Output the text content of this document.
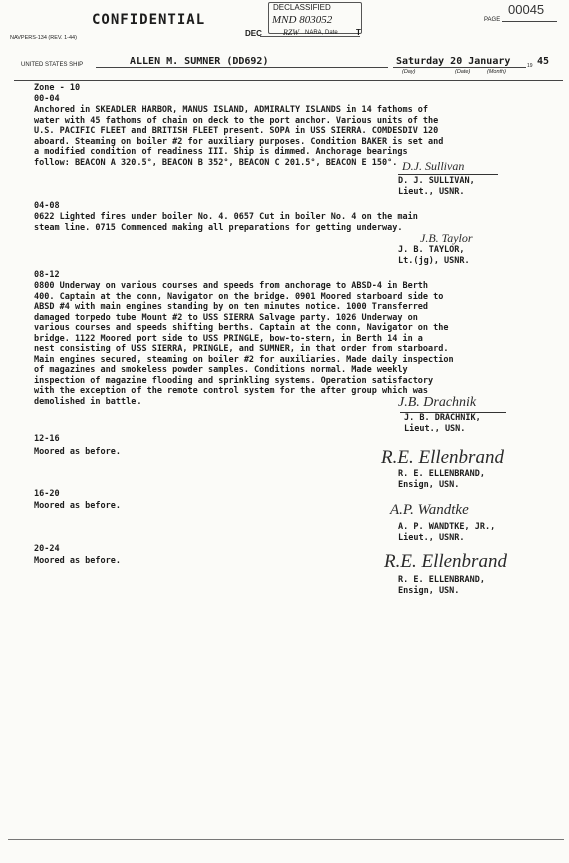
CONFIDENTIAL
NAVPERS-134 (REV. 1-44)
DECLASSIFIED
MND 803052
DEC	RZW NARA, Date T
PAGE
00045
UNITED STATES SHIP	ALLEN M. SUMNER (DD692)	Saturday 20 January
(Day)	(Date)	(Month)
19 45
Zone - 10
00-04
Anchored in SKEADLER HARBOR, MANUS ISLAND, ADMIRALTY ISLANDS in 14 fathoms of
water with 45 fathoms of chain on deck to the port anchor. Various units of the
U.S. PACIFIC FLEET and BRITISH FLEET present. SOPA in USS SIERRA. COMDESDIV 120
aboard. Steaming on boiler #2 for auxiliary purposes. Condition BAKER is set and
a modified condition of readiness III. Ship is dimmed. Anchorage bearings
follow: BEACON A 320.5°, BEACON B 352°, BEACON C 201.5°, BEACON E 150°. D.J. Sullivan
D. J. SULLIVAN,
Lieut., USNR.
04-08
0622 Lighted fires under boiler No. 4. 0657 Cut in boiler No. 4 on the main
steam line. 0715 Commenced making all preparations for getting underway.
J.B. Taylor
J. B. TAYLOR,
Lt.(jg), USNR.
08-12
0800 Underway on various courses and speeds from anchorage to ABSD-4 in Berth
400. Captain at the conn, Navigator on the bridge. 0901 Moored starboard side to
ABSD #4 with main engines standing by on ten minutes notice. 1000 Transferred
damaged torpedo tube Mount #2 to USS SIERRA Salvage party. 1026 Underway on
various courses and speeds shifting berths. Captain at the conn, Navigator on the
bridge. 1122 Moored port side to USS PRINGLE, bow-to-stern, in Berth 14 in a
nest consisting of USS SIERRA, PRINGLE, and SUMNER, in that order from starboard.
Main engines secured, steaming on boiler #2 for auxiliaries. Made daily inspection
of magazines and smokeless powder samples. Conditions normal. Made weekly
inspection of magazine flooding and sprinkling systems. Operation satisfactory
with the exception of the remote control system for the after group which was
demolished in battle.	J.B. Drachnik
J. B. DRACHNIK,
Lieut., USN.
12-16
Moored as before.	R.E. Ellenbrand
R. E. ELLENBRAND,
Ensign, USN.
16-20
Moored as before.	A.P. Wandtke
A. P. WANDTKE, JR.,
Lieut., USNR.
20-24
Moored as before.	R.E. Ellenbrand
R. E. ELLENBRAND,
Ensign, USN.
